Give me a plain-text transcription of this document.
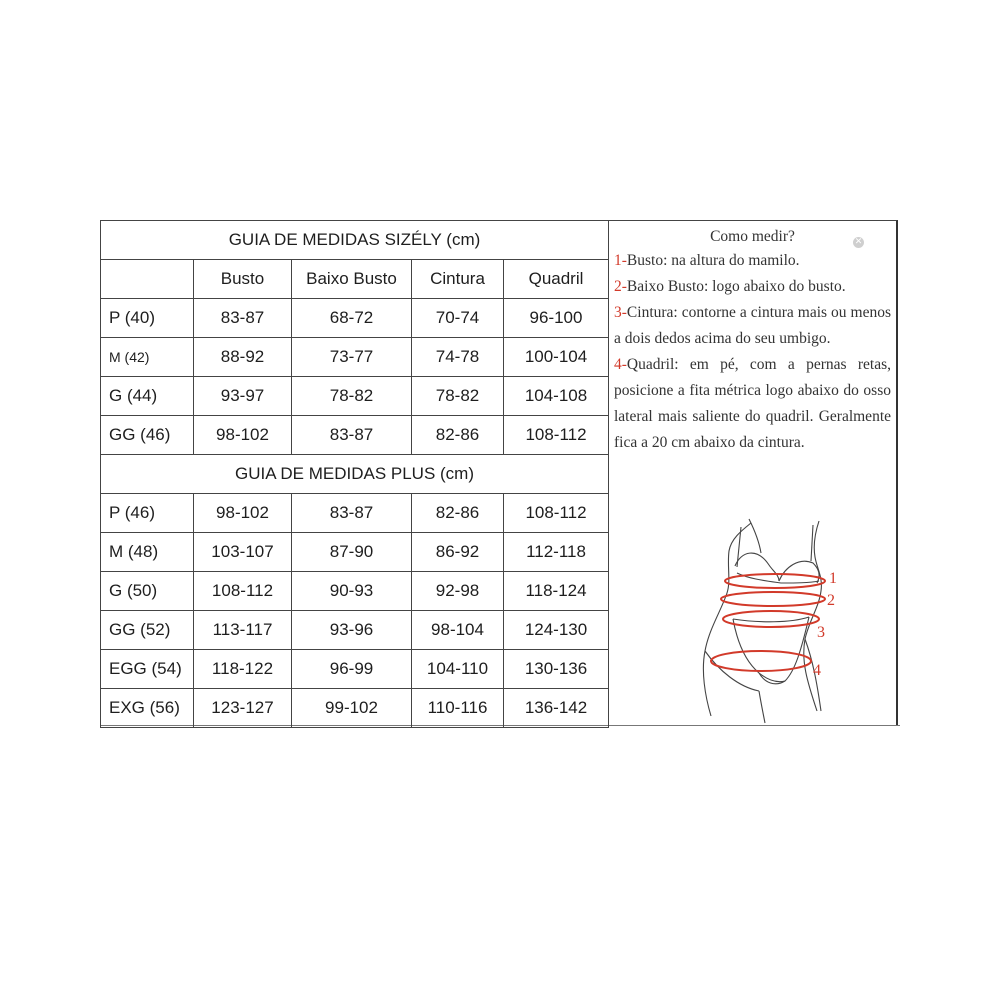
GUIA DE MEDIDAS SIZÉLY (cm)				
	Busto	Baixo Busto	Cintura	Quadril
P (40)	83-87	68-72	70-74	96-100
M (42)	88-92	73-77	74-78	100-104
G (44)	93-97	78-82	78-82	104-108
GG (46)	98-102	83-87	82-86	108-112
GUIA DE MEDIDAS PLUS (cm)				
P (46)	98-102	83-87	82-86	108-112
M (48)	103-107	87-90	86-92	112-118
G (50)	108-112	90-93	92-98	118-124
GG (52)	113-117	93-96	98-104	124-130
EGG (54)	118-122	96-99	104-110	130-136
EXG (56)	123-127	99-102	110-116	136-142
Como medir?	✕

1-Busto: na altura do mamilo.

2-Baixo Busto: logo abaixo do busto.

3-Cintura: contorne a cintura mais ou menos a dois dedos acima do seu umbigo.

4-Quadril: em pé, com a pernas retas, posicione a fita métrica logo abaixo do osso lateral mais saliente do quadril. Geralmente fica a 20 cm abaixo da cintura.

1
2
3
4
